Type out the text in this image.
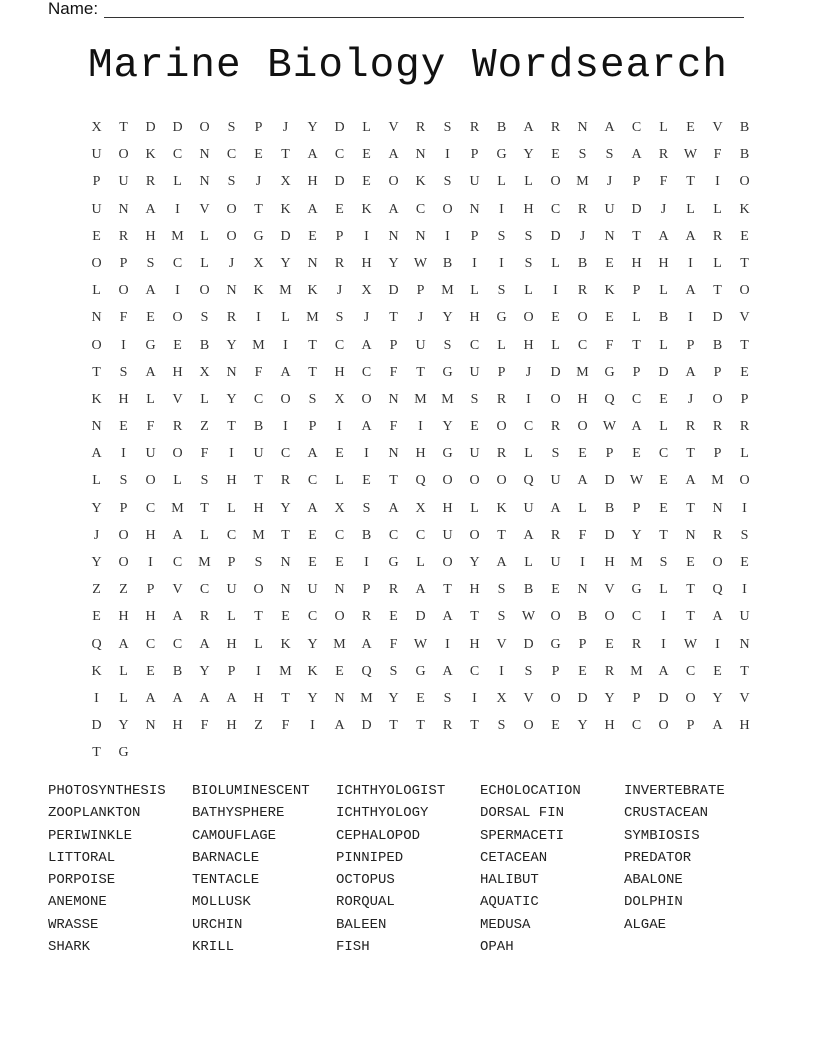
Name:
Marine Biology Wordsearch
X	T	D	D	O	S	P	J	Y	D	L	V	R	S	R	B	A	R	N	A	C	L	E	V	B
U	O	K	C	N	C	E	T	A	C	E	A	N	I	P	G	Y	E	S	S	A	R	W	F	B
P	U	R	L	N	S	J	X	H	D	E	O	K	S	U	L	L	O	M	J	P	F	T	I	O
U	N	A	I	V	O	T	K	A	E	K	A	C	O	N	I	H	C	R	U	D	J	L	L	K
E	R	H	M	L	O	G	D	E	P	I	N	N	I	P	S	S	D	J	N	T	A	A	R	E
O	P	S	C	L	J	X	Y	N	R	H	Y	W	B	I	I	S	L	B	E	H	H	I	L	T
L	O	A	I	O	N	K	M	K	J	X	D	P	M	L	S	L	I	R	K	P	L	A	T	O
N	F	E	O	S	R	I	L	M	S	J	T	J	Y	H	G	O	E	O	E	L	B	I	D	V
O	I	G	E	B	Y	M	I	T	C	A	P	U	S	C	L	H	L	C	F	T	L	P	B	T
T	S	A	H	X	N	F	A	T	H	C	F	T	G	U	P	J	D	M	G	P	D	A	P	E
K	H	L	V	L	Y	C	O	S	X	O	N	M	M	S	R	I	O	H	Q	C	E	J	O	P
N	E	F	R	Z	T	B	I	P	I	A	F	I	Y	E	O	C	R	O	W	A	L	R	R	R
A	I	U	O	F	I	U	C	A	E	I	N	H	G	U	R	L	S	E	P	E	C	T	P	L
L	S	O	L	S	H	T	R	C	L	E	T	Q	O	O	O	Q	U	A	D	W	E	A	M	O
Y	P	C	M	T	L	H	Y	A	X	S	A	X	H	L	K	U	A	L	B	P	E	T	N	I
J	O	H	A	L	C	M	T	E	C	B	C	C	U	O	T	A	R	F	D	Y	T	N	R	S
Y	O	I	C	M	P	S	N	E	E	I	G	L	O	Y	A	L	U	I	H	M	S	E	O	E
Z	Z	P	V	C	U	O	N	U	N	P	R	A	T	H	S	B	E	N	V	G	L	T	Q	I
E	H	H	A	R	L	T	E	C	O	R	E	D	A	T	S	W	O	B	O	C	I	T	A	U
Q	A	C	C	A	H	L	K	Y	M	A	F	W	I	H	V	D	G	P	E	R	I	W	I	N
K	L	E	B	Y	P	I	M	K	E	Q	S	G	A	C	I	S	P	E	R	M	A	C	E	T
I	L	A	A	A	A	H	T	Y	N	M	Y	E	S	I	X	V	O	D	Y	P	D	O	Y	V
D	Y	N	H	F	H	Z	F	I	A	D	T	T	R	T	S	O	E	Y	H	C	O	P	A	H
T	G
PHOTOSYNTHESIS	BIOLUMINESCENT	ICHTHYOLOGIST	ECHOLOCATION	INVERTEBRATE
ZOOPLANKTON	BATHYSPHERE	ICHTHYOLOGY	DORSAL FIN	CRUSTACEAN
PERIWINKLE	CAMOUFLAGE	CEPHALOPOD	SPERMACETI	SYMBIOSIS
LITTORAL	BARNACLE	PINNIPED	CETACEAN	PREDATOR
PORPOISE	TENTACLE	OCTOPUS	HALIBUT	ABALONE
ANEMONE	MOLLUSK	RORQUAL	AQUATIC	DOLPHIN
WRASSE	URCHIN	BALEEN	MEDUSA	ALGAE
SHARK	KRILL	FISH	OPAH
